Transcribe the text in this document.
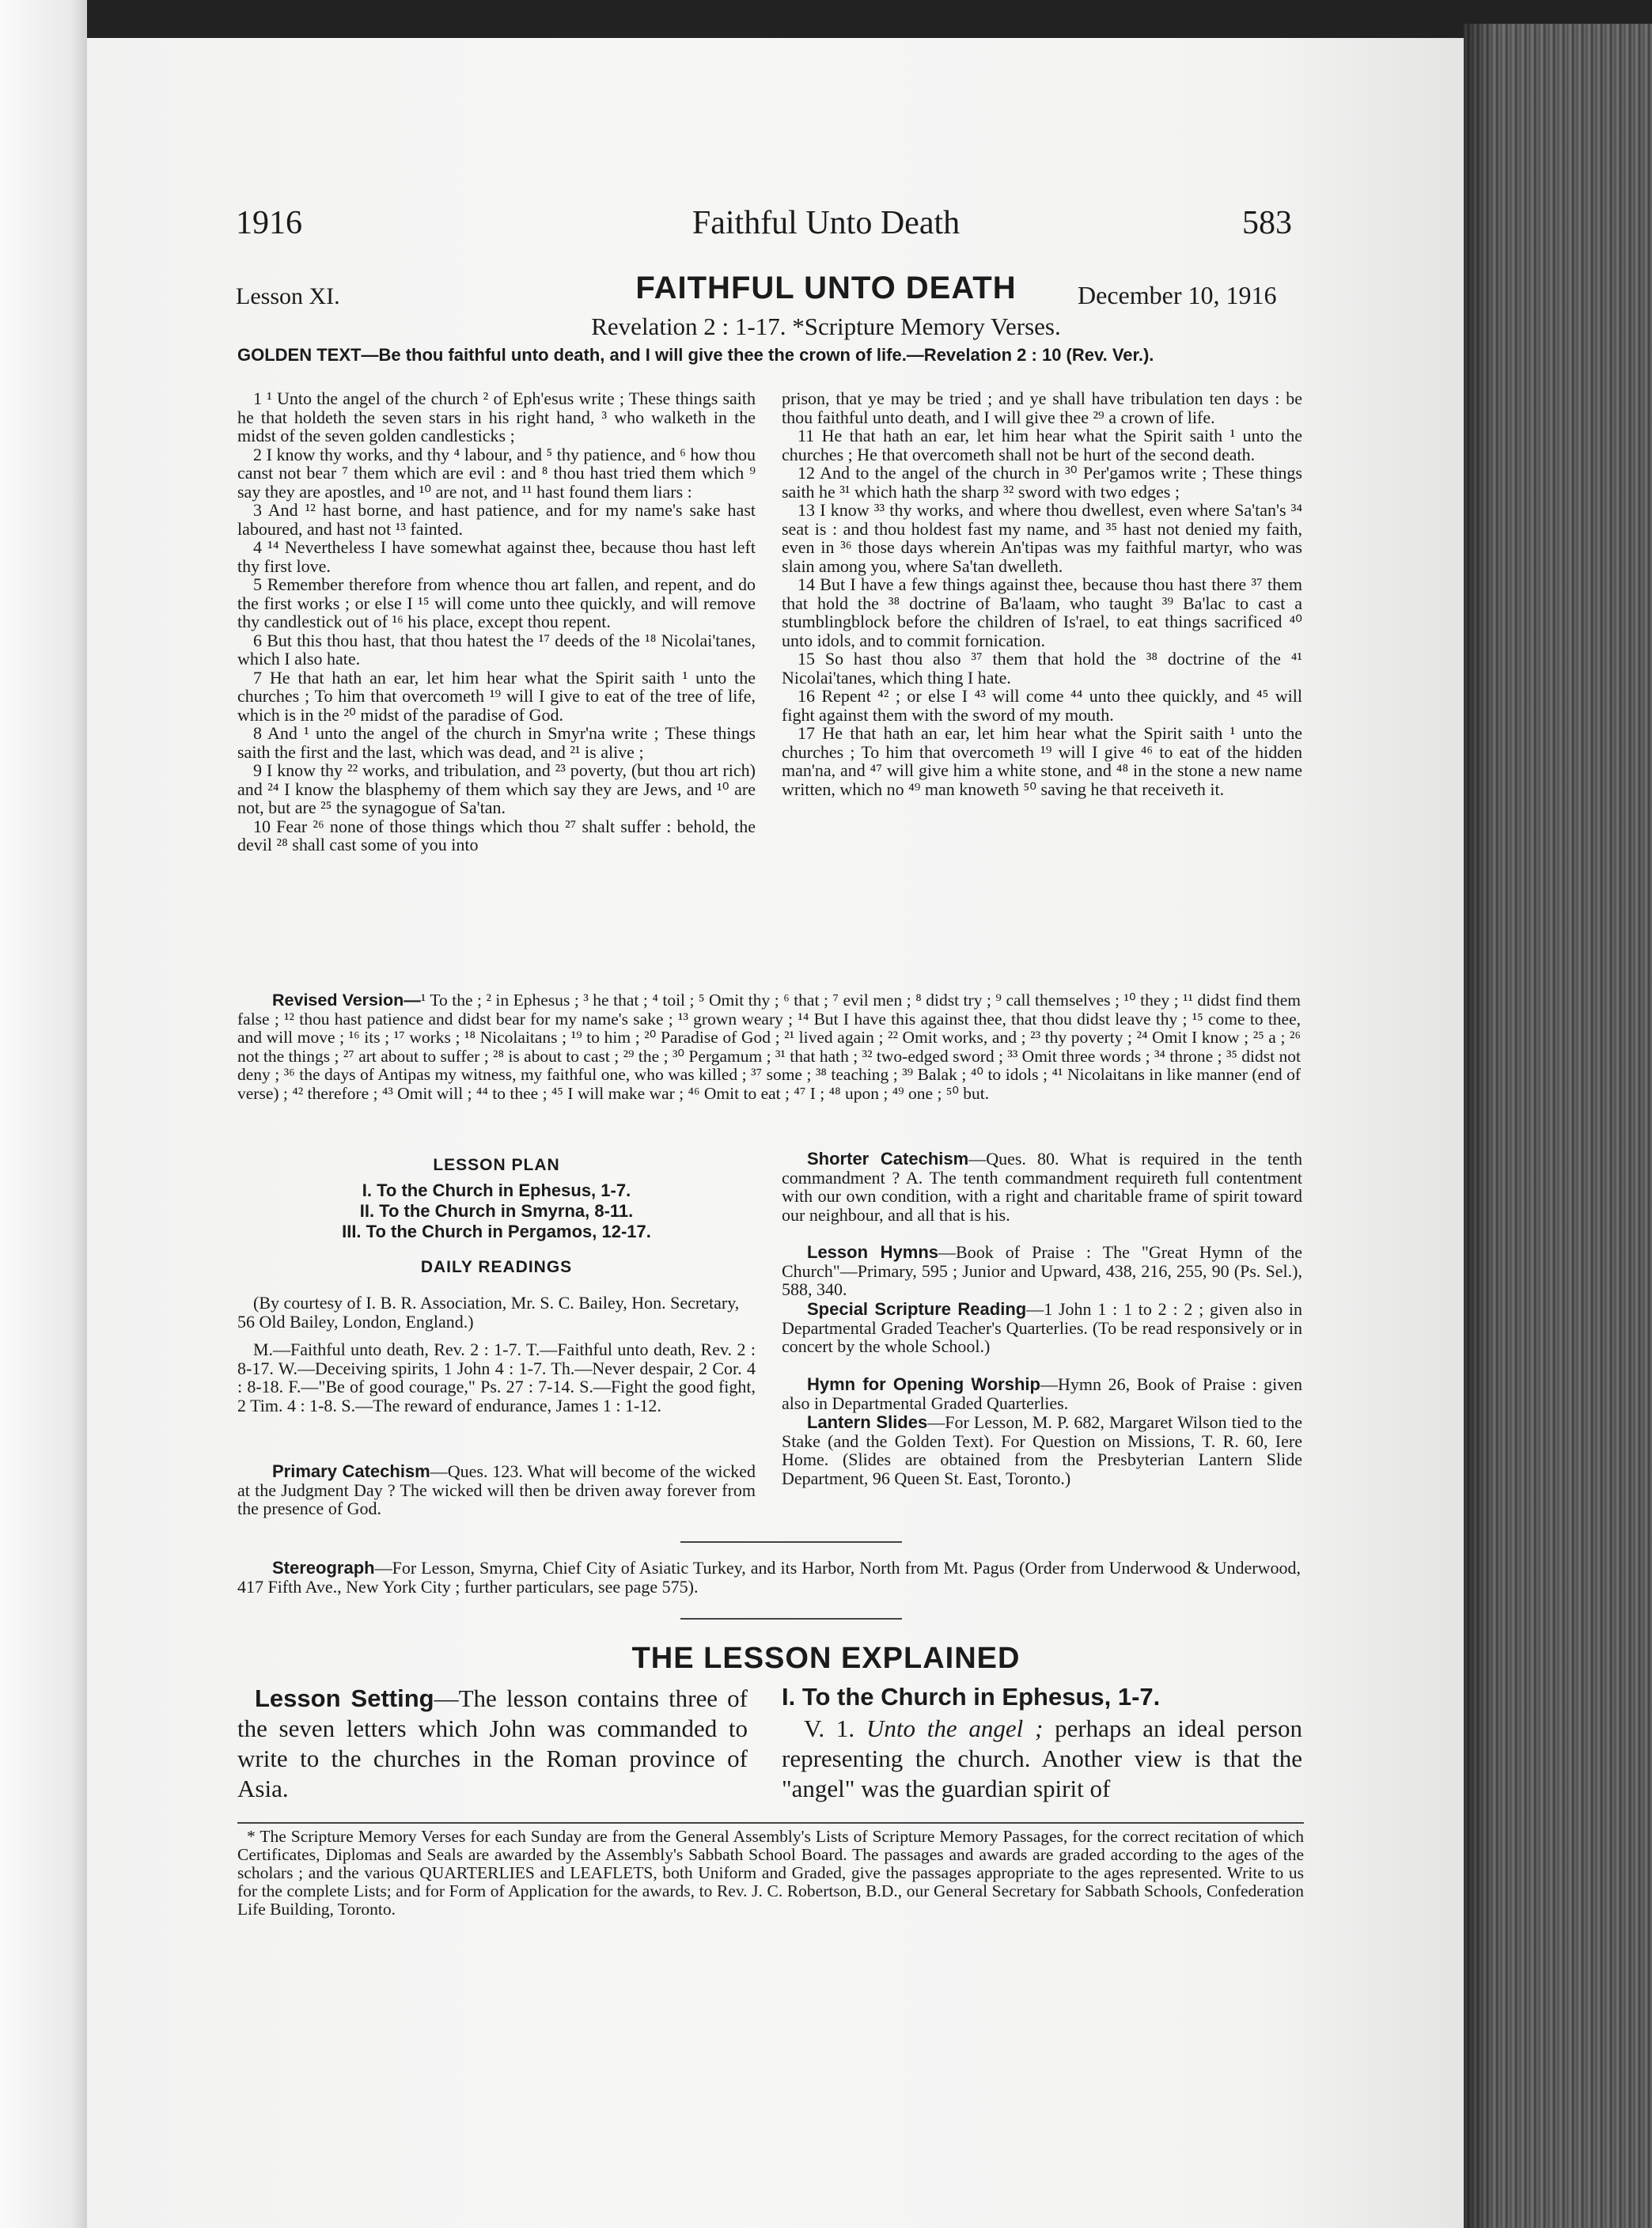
1916	Faithful Unto Death	583
Lesson XI.	FAITHFUL UNTO DEATH	December 10, 1916
Revelation 2 : 1-17. *Scripture Memory Verses.
GOLDEN TEXT—Be thou faithful unto death, and I will give thee the crown of life.—Revelation 2 : 10 (Rev. Ver.).

1 ¹ Unto the angel of the church ² of Eph'esus write ; These things saith he that holdeth the seven stars in his right hand, ³ who walketh in the midst of the seven golden candlesticks ;

2 I know thy works, and thy ⁴ labour, and ⁵ thy patience, and ⁶ how thou canst not bear ⁷ them which are evil : and ⁸ thou hast tried them which ⁹ say they are apostles, and ¹⁰ are not, and ¹¹ hast found them liars :

3 And ¹² hast borne, and hast patience, and for my name's sake hast laboured, and hast not ¹³ fainted.

4 ¹⁴ Nevertheless I have somewhat against thee, because thou hast left thy first love.

5 Remember therefore from whence thou art fallen, and repent, and do the first works ; or else I ¹⁵ will come unto thee quickly, and will remove thy candlestick out of ¹⁶ his place, except thou repent.

6 But this thou hast, that thou hatest the ¹⁷ deeds of the ¹⁸ Nicolai'tanes, which I also hate.

7 He that hath an ear, let him hear what the Spirit saith ¹ unto the churches ; To him that overcometh ¹⁹ will I give to eat of the tree of life, which is in the ²⁰ midst of the paradise of God.

8 And ¹ unto the angel of the church in Smyr'na write ; These things saith the first and the last, which was dead, and ²¹ is alive ;

9 I know thy ²² works, and tribulation, and ²³ poverty, (but thou art rich) and ²⁴ I know the blasphemy of them which say they are Jews, and ¹⁰ are not, but are ²⁵ the synagogue of Sa'tan.

10 Fear ²⁶ none of those things which thou ²⁷ shalt suffer : behold, the devil ²⁸ shall cast some of you into

prison, that ye may be tried ; and ye shall have tribulation ten days : be thou faithful unto death, and I will give thee ²⁹ a crown of life.

11 He that hath an ear, let him hear what the Spirit saith ¹ unto the churches ; He that overcometh shall not be hurt of the second death.

12 And to the angel of the church in ³⁰ Per'gamos write ; These things saith he ³¹ which hath the sharp ³² sword with two edges ;

13 I know ³³ thy works, and where thou dwellest, even where Sa'tan's ³⁴ seat is : and thou holdest fast my name, and ³⁵ hast not denied my faith, even in ³⁶ those days wherein An'tipas was my faithful martyr, who was slain among you, where Sa'tan dwelleth.

14 But I have a few things against thee, because thou hast there ³⁷ them that hold the ³⁸ doctrine of Ba'laam, who taught ³⁹ Ba'lac to cast a stumblingblock before the children of Is'rael, to eat things sacrificed ⁴⁰ unto idols, and to commit fornication.

15 So hast thou also ³⁷ them that hold the ³⁸ doctrine of the ⁴¹ Nicolai'tanes, which thing I hate.

16 Repent ⁴² ; or else I ⁴³ will come ⁴⁴ unto thee quickly, and ⁴⁵ will fight against them with the sword of my mouth.

17 He that hath an ear, let him hear what the Spirit saith ¹ unto the churches ; To him that overcometh ¹⁹ will I give ⁴⁶ to eat of the hidden man'na, and ⁴⁷ will give him a white stone, and ⁴⁸ in the stone a new name written, which no ⁴⁹ man knoweth ⁵⁰ saving he that receiveth it.

Revised Version—¹ To the ; ² in Ephesus ; ³ he that ; ⁴ toil ; ⁵ Omit thy ; ⁶ that ; ⁷ evil men ; ⁸ didst try ; ⁹ call themselves ; ¹⁰ they ; ¹¹ didst find them false ; ¹² thou hast patience and didst bear for my name's sake ; ¹³ grown weary ; ¹⁴ But I have this against thee, that thou didst leave thy ; ¹⁵ come to thee, and will move ; ¹⁶ its ; ¹⁷ works ; ¹⁸ Nicolaitans ; ¹⁹ to him ; ²⁰ Paradise of God ; ²¹ lived again ; ²² Omit works, and ; ²³ thy poverty ; ²⁴ Omit I know ; ²⁵ a ; ²⁶ not the things ; ²⁷ art about to suffer ; ²⁸ is about to cast ; ²⁹ the ; ³⁰ Pergamum ; ³¹ that hath ; ³² two-edged sword ; ³³ Omit three words ; ³⁴ throne ; ³⁵ didst not deny ; ³⁶ the days of Antipas my witness, my faithful one, who was killed ; ³⁷ some ; ³⁸ teaching ; ³⁹ Balak ; ⁴⁰ to idols ; ⁴¹ Nicolaitans in like manner (end of verse) ; ⁴² therefore ; ⁴³ Omit will ; ⁴⁴ to thee ; ⁴⁵ I will make war ; ⁴⁶ Omit to eat ; ⁴⁷ I ; ⁴⁸ upon ; ⁴⁹ one ; ⁵⁰ but.
LESSON PLAN
I. To the Church in Ephesus, 1-7.
II. To the Church in Smyrna, 8-11.
III. To the Church in Pergamos, 12-17.
DAILY READINGS
(By courtesy of I. B. R. Association, Mr. S. C. Bailey, Hon. Secretary, 56 Old Bailey, London, England.)
M.—Faithful unto death, Rev. 2 : 1-7. T.—Faithful unto death, Rev. 2 : 8-17. W.—Deceiving spirits, 1 John 4 : 1-7. Th.—Never despair, 2 Cor. 4 : 8-18. F.—"Be of good courage," Ps. 27 : 7-14. S.—Fight the good fight, 2 Tim. 4 : 1-8. S.—The reward of endurance, James 1 : 1-12.
Primary Catechism—Ques. 123. What will become of the wicked at the Judgment Day ? The wicked will then be driven away forever from the presence of God.
Shorter Catechism—Ques. 80. What is required in the tenth commandment ? A. The tenth commandment requireth full contentment with our own condition, with a right and charitable frame of spirit toward our neighbour, and all that is his.
Lesson Hymns—Book of Praise : The "Great Hymn of the Church"—Primary, 595 ; Junior and Upward, 438, 216, 255, 90 (Ps. Sel.), 588, 340.
Special Scripture Reading—1 John 1 : 1 to 2 : 2 ; given also in Departmental Graded Teacher's Quarterlies. (To be read responsively or in concert by the whole School.)
Hymn for Opening Worship—Hymn 26, Book of Praise : given also in Departmental Graded Quarterlies.
Lantern Slides—For Lesson, M. P. 682, Margaret Wilson tied to the Stake (and the Golden Text). For Question on Missions, T. R. 60, Iere Home. (Slides are obtained from the Presbyterian Lantern Slide Department, 96 Queen St. East, Toronto.)
Stereograph—For Lesson, Smyrna, Chief City of Asiatic Turkey, and its Harbor, North from Mt. Pagus (Order from Underwood & Underwood, 417 Fifth Ave., New York City ; further particulars, see page 575).
THE LESSON EXPLAINED
Lesson Setting—The lesson contains three of the seven letters which John was commanded to write to the churches in the Roman province of Asia.
I. To the Church in Ephesus, 1-7.
V. 1. Unto the angel ; perhaps an ideal person representing the church. Another view is that the "angel" was the guardian spirit of
* The Scripture Memory Verses for each Sunday are from the General Assembly's Lists of Scripture Memory Passages, for the correct recitation of which Certificates, Diplomas and Seals are awarded by the Assembly's Sabbath School Board. The passages and awards are graded according to the ages of the scholars ; and the various QUARTERLIES and LEAFLETS, both Uniform and Graded, give the passages appropriate to the ages represented. Write to us for the complete Lists; and for Form of Application for the awards, to Rev. J. C. Robertson, B.D., our General Secretary for Sabbath Schools, Confederation Life Building, Toronto.
